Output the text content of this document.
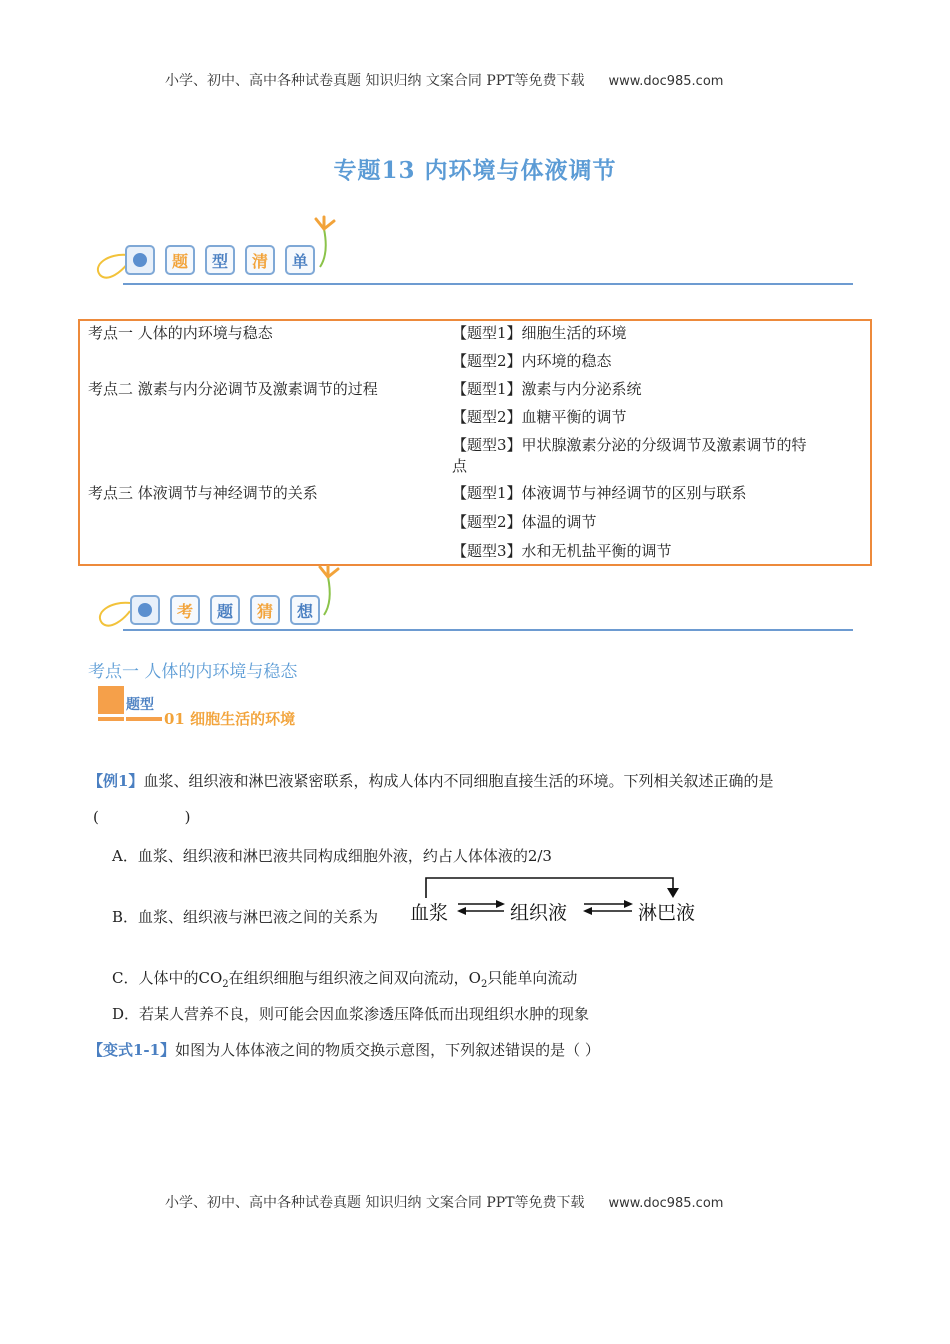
小学、初中、高中各种试卷真题 知识归纳 文案合同 PPT等免费下载 www.doc985.com
专题13 内环境与体液调节
题	型	清	单
考点一 人体的内环境与稳态	【题型1】细胞生活的环境
【题型2】内环境的稳态
考点二 激素与内分泌调节及激素调节的过程	【题型1】激素与内分泌系统
【题型2】血糖平衡的调节
【题型3】甲状腺激素分泌的分级调节及激素调节的特
点
考点三 体液调节与神经调节的关系	【题型1】体液调节与神经调节的区别与联系
【题型2】体温的调节
【题型3】水和无机盐平衡的调节
考	题	猜	想
考点一 人体的内环境与稳态
题型
01 细胞生活的环境
【例1】血浆、组织液和淋巴液紧密联系，构成人体内不同细胞直接生活的环境。下列相关叙述正确的是
(                  )
A．血浆、组织液和淋巴液共同构成细胞外液，约占人体体液的2/3
B．血浆、组织液与淋巴液之间的关系为 血浆	组织液	淋巴液
C．人体中的$CO_2$在组织细胞与组织液之间双向流动，$O_2$只能单向流动
D．若某人营养不良，则可能会因血浆渗透压降低而出现组织水肿的现象
【变式1-1】如图为人体体液之间的物质交换示意图，下列叙述错误的是（ ）
小学、初中、高中各种试卷真题 知识归纳 文案合同 PPT等免费下载 www.doc985.com
